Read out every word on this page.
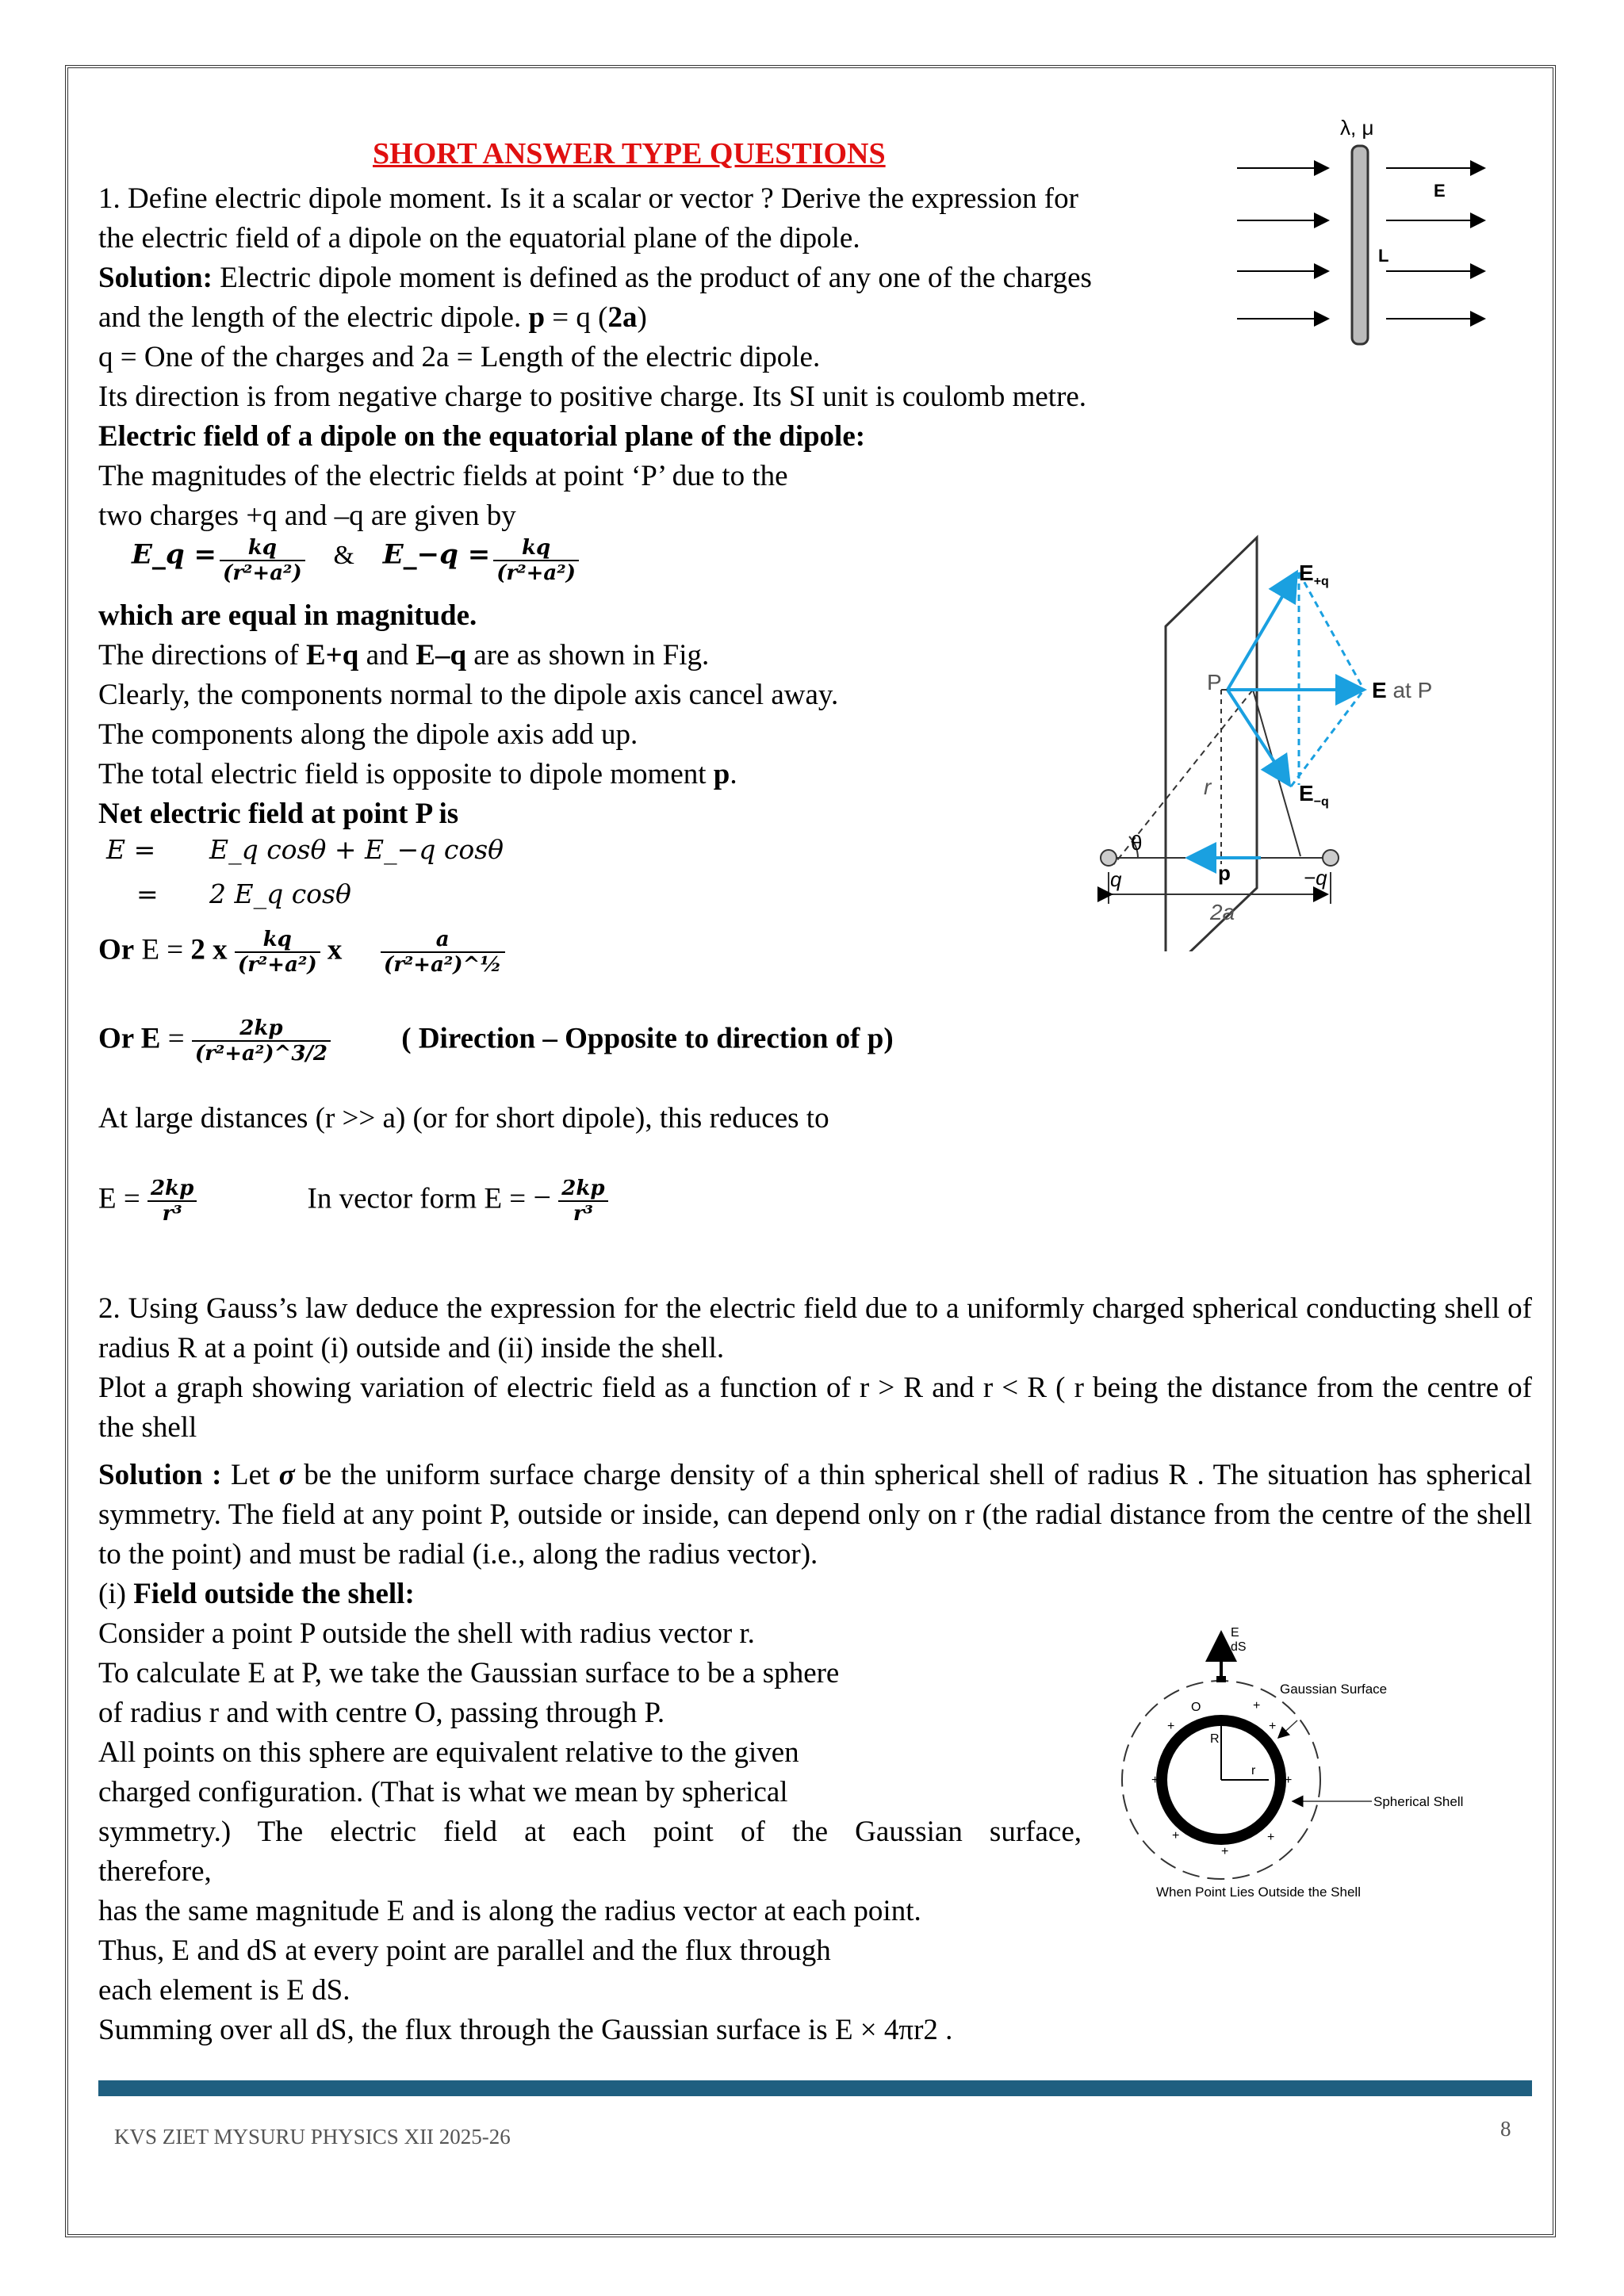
SHORT ANSWER TYPE QUESTIONS
1. Define electric dipole moment. Is it a scalar or vector ? Derive the expression for
the electric field of a dipole on the equatorial plane of the dipole.
Solution: Electric dipole moment is defined as the product of any one of the charges
and the length of the electric dipole. p = q (2a)
q = One of the charges and 2a = Length of the electric dipole.
Its direction is from negative charge to positive charge. Its SI unit is coulomb metre.
Electric field of a dipole on the equatorial plane of the dipole:
The magnitudes of the electric fields at point ‘P’ due to the
two charges +q and –q are given by
E_q = $\frac{kq}{\text{(r²+a²)}}$ & E_−q = $\frac{kq}{\text{(r²+a²)}}$
which are equal in magnitude.
The directions of E+q and E–q are as shown in Fig.
Clearly, the components normal to the dipole axis cancel away.
The components along the dipole axis add up.
The total electric field is opposite to dipole moment p.
Net electric field at point P is
E = E_q cosθ + E_−q cosθ
= 2 E_q cosθ
Or E = 2 x $\frac{kq}{\text{(r²+a²)}}$ x $\frac{a}{\text{(r²+a²)\textasciicircum{}½}}$
Or $E = \frac{2kp}{\text{(r²+a²)\textasciicircum{}3/2}}$ ( Direction – Opposite to direction of p)
At large distances (r >> a) (or for short dipole), this reduces to
$E = \frac{2kp}{\text{r³}}$	In vector form E = − $\frac{2kp}{\text{r³}}$
2. Using Gauss’s law deduce the expression for the electric field due to a uniformly charged spherical conducting shell of radius R at a point (i) outside and (ii) inside the shell.
Plot a graph showing variation of electric field as a function of r > R and r < R ( r being the distance from the centre of the shell
Solution : Let σ be the uniform surface charge density of a thin spherical shell of radius R . The situation has spherical symmetry. The field at any point P, outside or inside, can depend only on r (the radial distance from the centre of the shell to the point) and must be radial (i.e., along the radius vector).
(i) Field outside the shell:
Consider a point P outside the shell with radius vector r.
To calculate E at P, we take the Gaussian surface to be a sphere
of radius r and with centre O, passing through P.
All points on this sphere are equivalent relative to the given
charged configuration. (That is what we mean by spherical
symmetry.) The electric field at each point of the Gaussian surface,
therefore,
has the same magnitude E and is along the radius vector at each point.
Thus, E and dS at every point are parallel and the flux through
each element is E dS.
Summing over all dS, the flux through the Gaussian surface is E × 4πr2 .
λ, μ
E
L
$E_{+q}$
E at P
$E_{-q}$
P
r
θ
q	−q
p
2a
E
dS
Gaussian Surface
O
R
r
Spherical Shell
When Point Lies Outside the Shell
+	+
+
+
+	+
+
+
KVS ZIET MYSURU PHYSICS XII 2025-26	8
